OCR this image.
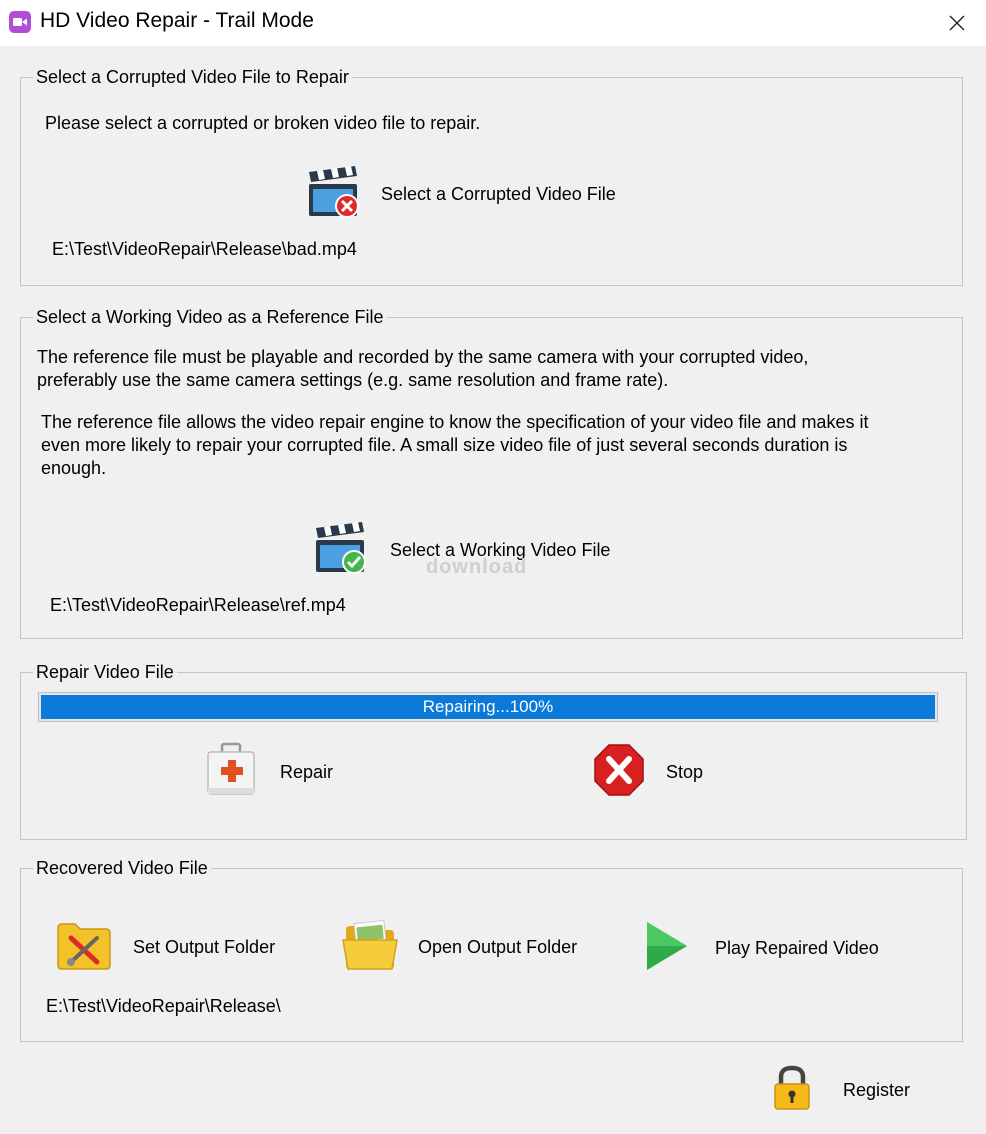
HD Video Repair - Trail Mode
Select a Corrupted Video File to Repair
Please select a corrupted or broken video file to repair.
Select a Corrupted Video File
E:\Test\VideoRepair\Release\bad.mp4
Select a Working Video as a Reference File
The reference file must be playable and recorded by the same camera with your corrupted video, preferably use the same camera settings (e.g. same resolution and frame rate).
The reference file allows the video repair engine to know the specification of your video file and makes it even more likely to repair your corrupted file. A small size video file of just several seconds duration is enough.
Select a Working Video File
download
E:\Test\VideoRepair\Release\ref.mp4
Repair Video File
Repairing...100%
Repair	Stop
Recovered Video File
Set Output Folder	Open Output Folder	Play Repaired Video
E:\Test\VideoRepair\Release\
Register
